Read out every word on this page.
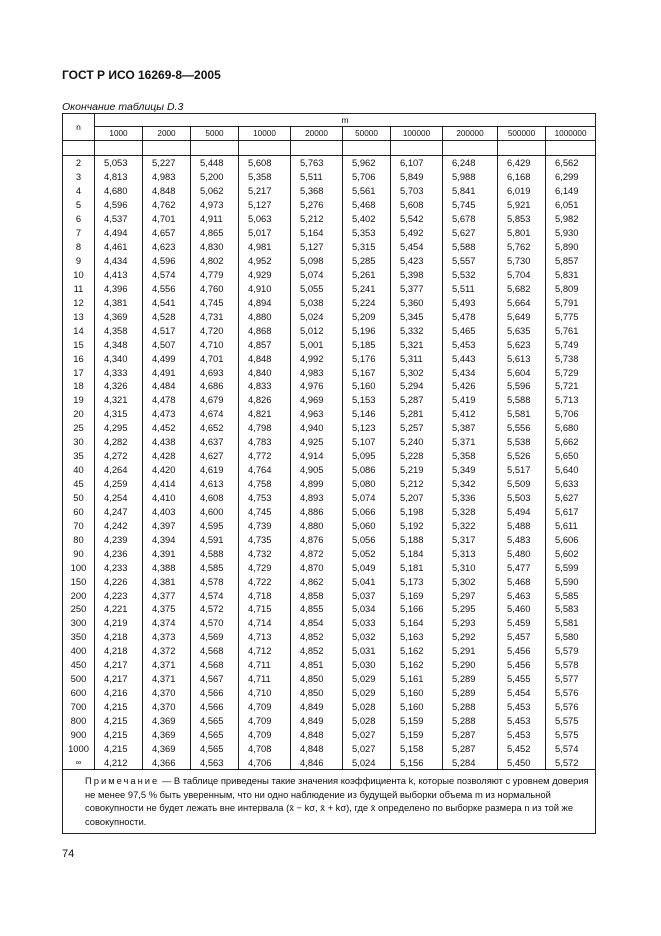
ГОСТ Р ИСО 16269-8—2005
Окончание таблицы D.3
n	m									
	1000	2000	5000	10000	20000	50000	100000	200000	500000	1000000

2	5,053	5,227	5,448	5,608	5,763	5,962	6,107	6,248	6,429	6,562
3	4,813	4,983	5,200	5,358	5,511	5,706	5,849	5,988	6,168	6,299
4	4,680	4,848	5,062	5,217	5,368	5,561	5,703	5,841	6,019	6,149
5	4,596	4,762	4,973	5,127	5,276	5,468	5,608	5,745	5,921	6,051
6	4,537	4,701	4,911	5,063	5,212	5,402	5,542	5,678	5,853	5,982
7	4,494	4,657	4,865	5,017	5,164	5,353	5,492	5,627	5,801	5,930
8	4,461	4,623	4,830	4,981	5,127	5,315	5,454	5,588	5,762	5,890
9	4,434	4,596	4,802	4,952	5,098	5,285	5,423	5,557	5,730	5,857
10	4,413	4,574	4,779	4,929	5,074	5,261	5,398	5,532	5,704	5,831
11	4,396	4,556	4,760	4,910	5,055	5,241	5,377	5,511	5,682	5,809
12	4,381	4,541	4,745	4,894	5,038	5,224	5,360	5,493	5,664	5,791
13	4,369	4,528	4,731	4,880	5,024	5,209	5,345	5,478	5,649	5,775
14	4,358	4,517	4,720	4,868	5,012	5,196	5,332	5,465	5,635	5,761
15	4,348	4,507	4,710	4,857	5,001	5,185	5,321	5,453	5,623	5,749
16	4,340	4,499	4,701	4,848	4,992	5,176	5,311	5,443	5,613	5,738
17	4,333	4,491	4,693	4,840	4,983	5,167	5,302	5,434	5,604	5,729
18	4,326	4,484	4,686	4,833	4,976	5,160	5,294	5,426	5,596	5,721
19	4,321	4,478	4,679	4,826	4,969	5,153	5,287	5,419	5,588	5,713
20	4,315	4,473	4,674	4,821	4,963	5,146	5,281	5,412	5,581	5,706
25	4,295	4,452	4,652	4,798	4,940	5,123	5,257	5,387	5,556	5,680
30	4,282	4,438	4,637	4,783	4,925	5,107	5,240	5,371	5,538	5,662
35	4,272	4,428	4,627	4,772	4,914	5,095	5,228	5,358	5,526	5,650
40	4,264	4,420	4,619	4,764	4,905	5,086	5,219	5,349	5,517	5,640
45	4,259	4,414	4,613	4,758	4,899	5,080	5,212	5,342	5,509	5,633
50	4,254	4,410	4,608	4,753	4,893	5,074	5,207	5,336	5,503	5,627
60	4,247	4,403	4,600	4,745	4,886	5,066	5,198	5,328	5,494	5,617
70	4,242	4,397	4,595	4,739	4,880	5,060	5,192	5,322	5,488	5,611
80	4,239	4,394	4,591	4,735	4,876	5,056	5,188	5,317	5,483	5,606
90	4,236	4,391	4,588	4,732	4,872	5,052	5,184	5,313	5,480	5,602
100	4,233	4,388	4,585	4,729	4,870	5,049	5,181	5,310	5,477	5,599
150	4,226	4,381	4,578	4,722	4,862	5,041	5,173	5,302	5,468	5,590
200	4,223	4,377	4,574	4,718	4,858	5,037	5,169	5,297	5,463	5,585
250	4,221	4,375	4,572	4,715	4,855	5,034	5,166	5,295	5,460	5,583
300	4,219	4,374	4,570	4,714	4,854	5,033	5,164	5,293	5,459	5,581
350	4,218	4,373	4,569	4,713	4,852	5,032	5,163	5,292	5,457	5,580
400	4,218	4,372	4,568	4,712	4,852	5,031	5,162	5,291	5,456	5,579
450	4,217	4,371	4,568	4,711	4,851	5,030	5,162	5,290	5,456	5,578
500	4,217	4,371	4,567	4,711	4,850	5,029	5,161	5,289	5,455	5,577
600	4,216	4,370	4,566	4,710	4,850	5,029	5,160	5,289	5,454	5,576
700	4,215	4,370	4,566	4,709	4,849	5,028	5,160	5,288	5,453	5,576
800	4,215	4,369	4,565	4,709	4,849	5,028	5,159	5,288	5,453	5,575
900	4,215	4,369	4,565	4,709	4,848	5,027	5,159	5,287	5,453	5,575
1000	4,215	4,369	4,565	4,708	4,848	5,027	5,158	5,287	5,452	5,574
∞	4,212	4,366	4,563	4,706	4,846	5,024	5,156	5,284	5,450	5,572
Примечание — В таблице приведены такие значения коэффициента k, которые позволяют с уровнем доверия не менее 97,5 % быть уверенным, что ни одно наблюдение из будущей выборки объема m из нормальной совокупности не будет лежать вне интервала (x̄ − kσ, x̄ + kσ), где x̄ определено по выборке размера n из той же совокупности.										
74
